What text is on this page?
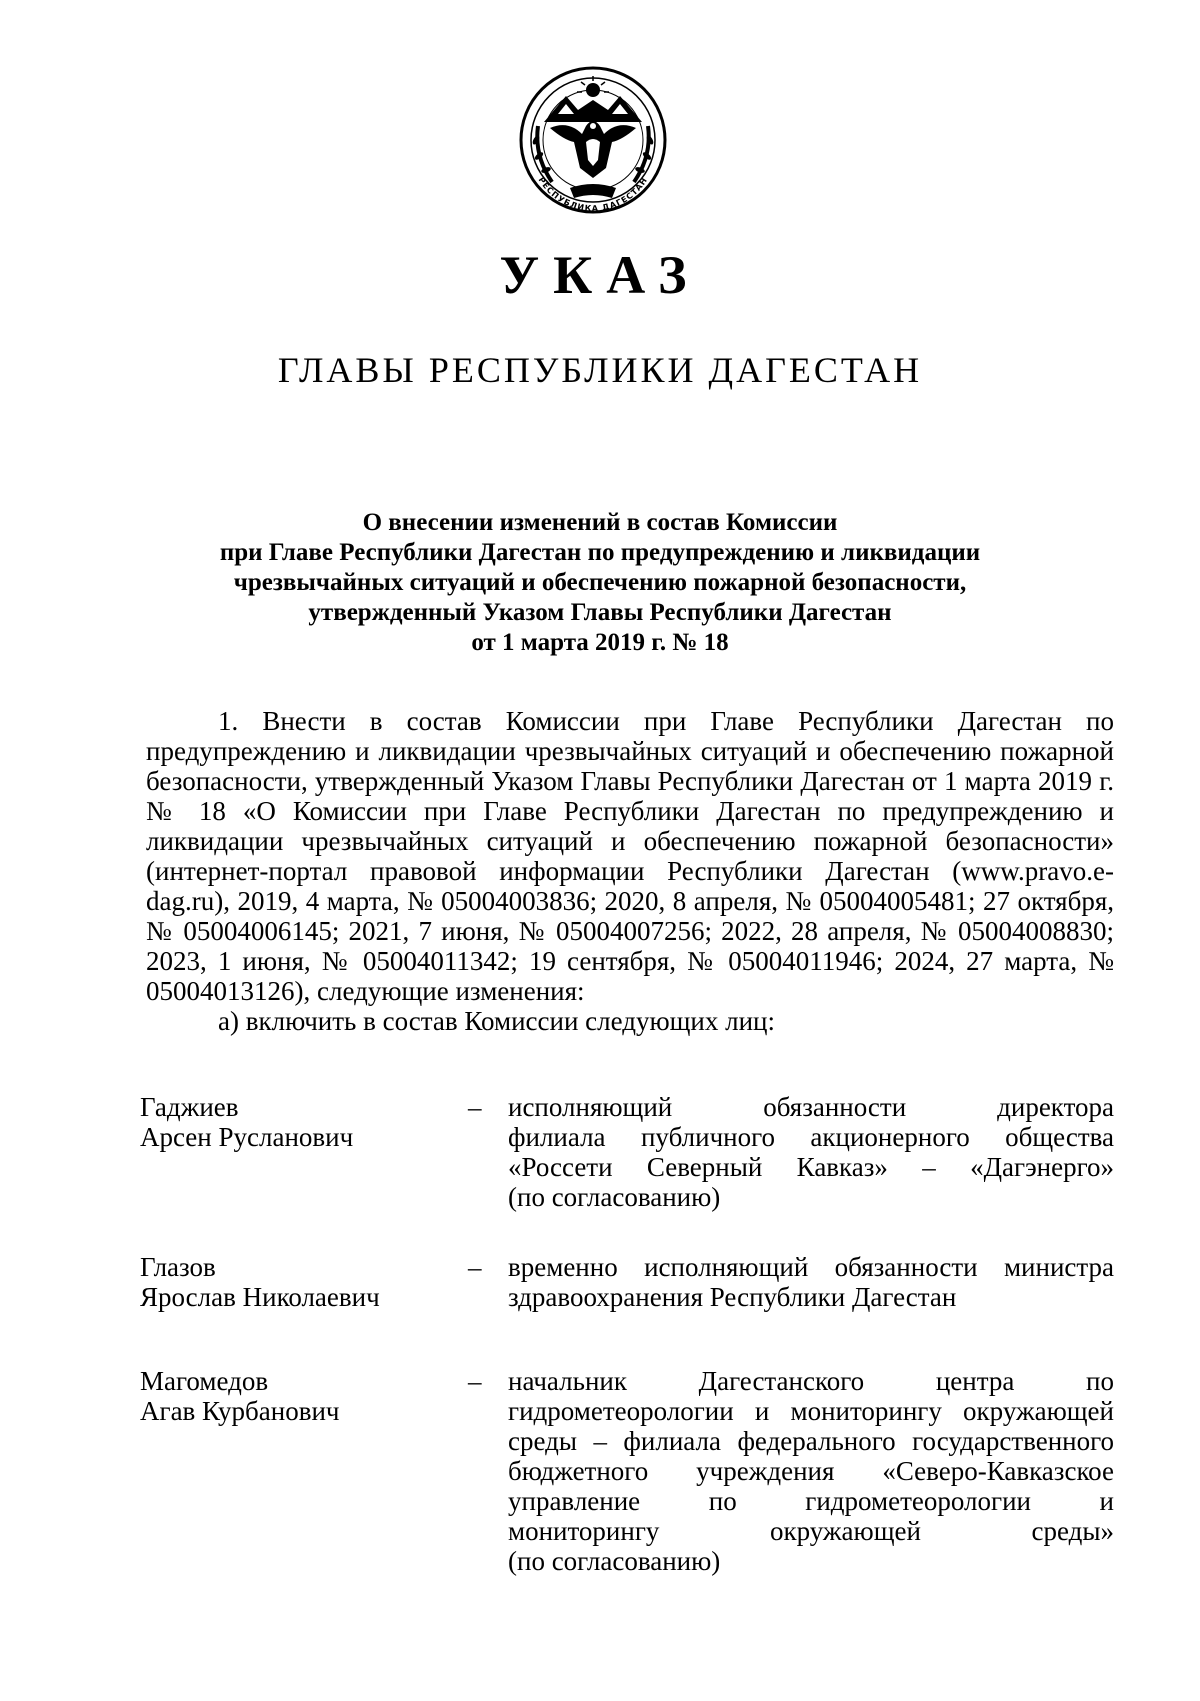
РЕСПУБЛИКА ДАГЕСТАН
УКАЗ
ГЛАВЫ РЕСПУБЛИКИ ДАГЕСТАН
О внесении изменений в состав Комиссии
при Главе Республики Дагестан по предупреждению и ликвидации
чрезвычайных ситуаций и обеспечению пожарной безопасности,
утвержденный Указом Главы Республики Дагестан
от 1 марта 2019 г. № 18

1. Внести в состав Комиссии при Главе Республики Дагестан по предупреждению и ликвидации чрезвычайных ситуаций и обеспечению пожарной безопасности, утвержденный Указом Главы Республики Дагестан от 1 марта 2019 г. № 18 «О Комиссии при Главе Республики Дагестан по предупреждению и ликвидации чрезвычайных ситуаций и обеспечению пожарной безопасности» (интернет-портал правовой информации Республики Дагестан (www.pravo.e-dag.ru), 2019, 4 марта, № 05004003836; 2020, 8 апреля, № 05004005481; 27 октября, № 05004006145; 2021, 7 июня, № 05004007256; 2022, 28 апреля, № 05004008830; 2023, 1 июня, № 05004011342; 19 сентября, № 05004011946; 2024, 27 марта, № 05004013126), следующие изменения:

а) включить в состав Комиссии следующих лиц:

Гаджиев
Арсен Русланович
– исполняющий обязанности директора
филиала публичного акционерного общества
«Россети Северный Кавказ» – «Дагэнерго»
(по согласованию)
Глазов
Ярослав Николаевич
– временно исполняющий обязанности министра
здравоохранения Республики Дагестан
Магомедов
Агав Курбанович
– начальник Дагестанского центра по
гидрометеорологии и мониторингу окружающей
среды – филиала федерального государственного
бюджетного учреждения «Северо-Кавказское
управление по гидрометеорологии и
мониторингу окружающей среды»
(по согласованию)
